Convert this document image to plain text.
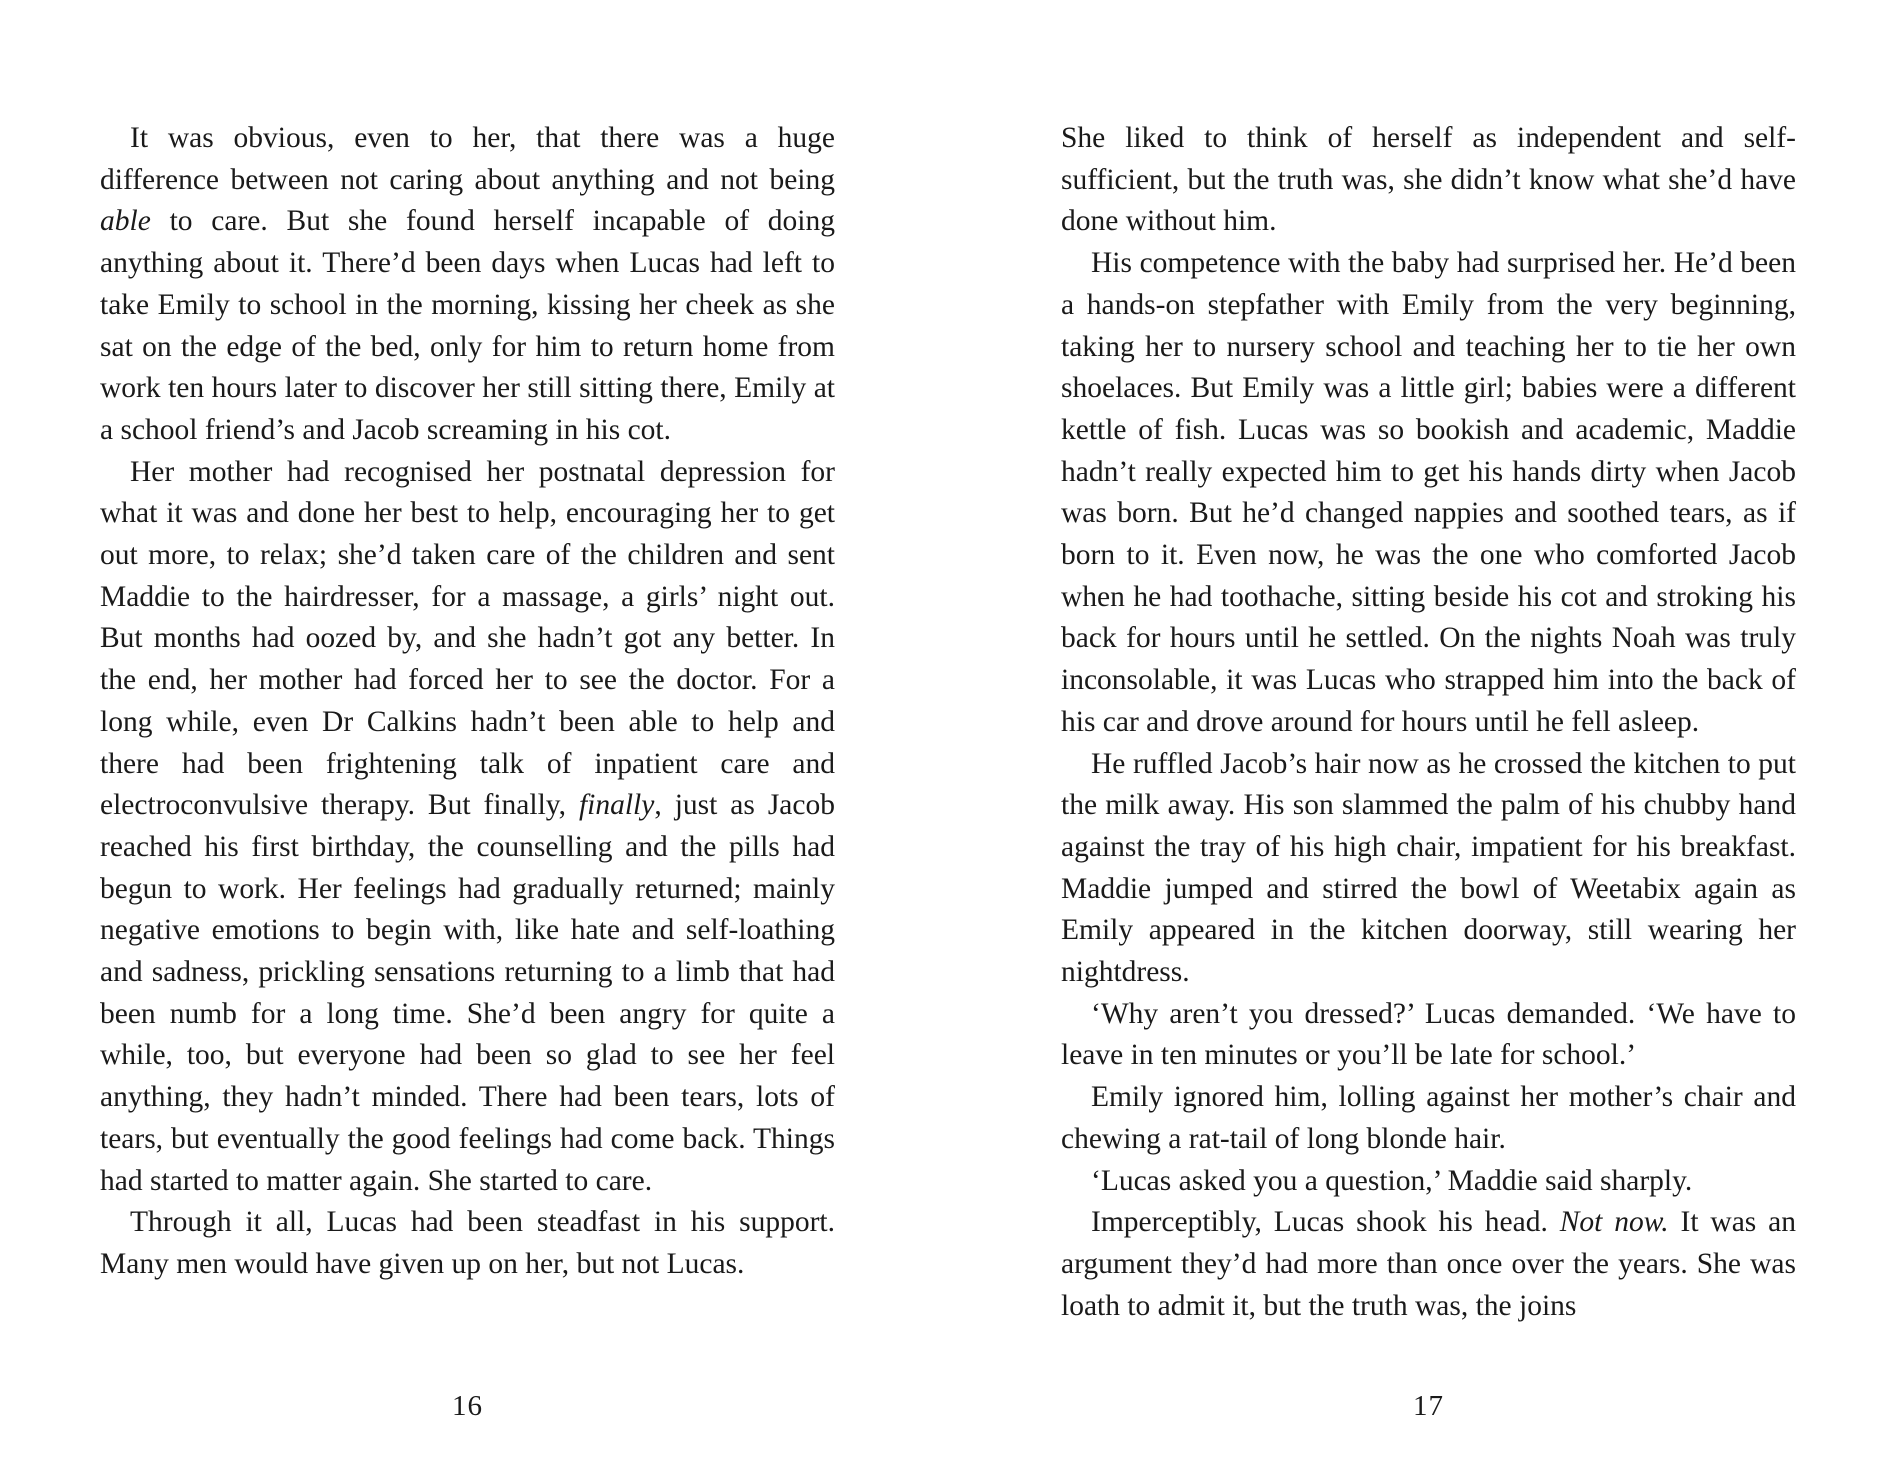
It was obvious, even to her, that there was a huge difference between not caring about anything and not being able to care. But she found herself incapable of doing anything about it. There’d been days when Lucas had left to take Emily to school in the morning, kissing her cheek as she sat on the edge of the bed, only for him to return home from work ten hours later to discover her still sitting there, Emily at a school friend’s and Jacob screaming in his cot.

Her mother had recognised her postnatal depression for what it was and done her best to help, encouraging her to get out more, to relax; she’d taken care of the children and sent Maddie to the hairdresser, for a massage, a girls’ night out. But months had oozed by, and she hadn’t got any better. In the end, her mother had forced her to see the doctor. For a long while, even Dr Calkins hadn’t been able to help and there had been frightening talk of inpatient care and electroconvulsive therapy. But finally, finally, just as Jacob reached his first birthday, the counselling and the pills had begun to work. Her feelings had gradually returned; mainly negative emotions to begin with, like hate and self-loathing and sadness, prickling sensations returning to a limb that had been numb for a long time. She’d been angry for quite a while, too, but everyone had been so glad to see her feel anything, they hadn’t minded. There had been tears, lots of tears, but eventually the good feelings had come back. Things had started to matter again. She started to care.

Through it all, Lucas had been steadfast in his support. Many men would have given up on her, but not Lucas.

16

She liked to think of herself as independent and self-sufficient, but the truth was, she didn’t know what she’d have done without him.

His competence with the baby had surprised her. He’d been a hands-on stepfather with Emily from the very beginning, taking her to nursery school and teaching her to tie her own shoelaces. But Emily was a little girl; babies were a different kettle of fish. Lucas was so bookish and academic, Maddie hadn’t really expected him to get his hands dirty when Jacob was born. But he’d changed nappies and soothed tears, as if born to it. Even now, he was the one who comforted Jacob when he had toothache, sitting beside his cot and stroking his back for hours until he settled. On the nights Noah was truly inconsolable, it was Lucas who strapped him into the back of his car and drove around for hours until he fell asleep.

He ruffled Jacob’s hair now as he crossed the kitchen to put the milk away. His son slammed the palm of his chubby hand against the tray of his high chair, impatient for his breakfast. Maddie jumped and stirred the bowl of Weetabix again as Emily appeared in the kitchen doorway, still wearing her nightdress.

‘Why aren’t you dressed?’ Lucas demanded. ‘We have to leave in ten minutes or you’ll be late for school.’

Emily ignored him, lolling against her mother’s chair and chewing a rat-tail of long blonde hair.

‘Lucas asked you a question,’ Maddie said sharply.

Imperceptibly, Lucas shook his head. Not now. It was an argument they’d had more than once over the years. She was loath to admit it, but the truth was, the joins

17
